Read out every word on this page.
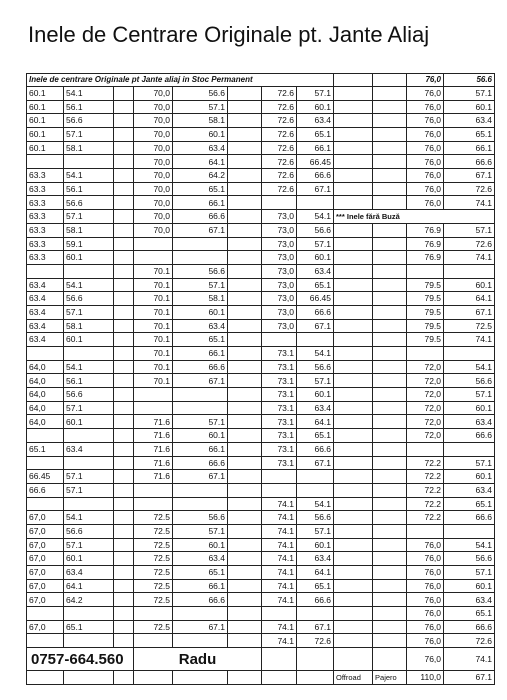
Inele de Centrare Originale pt. Jante Aliaj
Inele de centrare Originale pt Jante aliaj in Stoc Permanent										76,0	56.6
60.1	54.1		70,0	56.6		72.6	57.1			76,0	57.1
60.1	56.1		70,0	57.1		72.6	60.1			76,0	60.1
60.1	56.6		70,0	58.1		72.6	63.4			76,0	63.4
60.1	57.1		70,0	60.1		72.6	65.1			76,0	65.1
60.1	58.1		70,0	63.4		72.6	66.1			76,0	66.1
			70,0	64.1		72.6	66.45			76,0	66.6
63.3	54.1		70,0	64.2		72.6	66.6			76,0	67.1
63.3	56.1		70,0	65.1		72.6	67.1			76,0	72.6
63.3	56.6		70,0	66.1						76,0	74.1
63.3	57.1		70,0	66.6		73,0	54.1	*** Inele fără Buză			
63.3	58.1		70,0	67.1		73,0	56.6			76.9	57.1
63.3	59.1					73,0	57.1			76.9	72.6
63.3	60.1					73,0	60.1			76.9	74.1
			70.1	56.6		73,0	63.4				
63.4	54.1		70.1	57.1		73,0	65.1			79.5	60.1
63.4	56.6		70.1	58.1		73,0	66.45			79.5	64.1
63.4	57.1		70.1	60.1		73,0	66.6			79.5	67.1
63.4	58.1		70.1	63.4		73,0	67.1			79.5	72.5
63.4	60.1		70.1	65.1						79.5	74.1
			70.1	66.1		73.1	54.1				
64,0	54.1		70.1	66.6		73.1	56.6			72,0	54.1
64,0	56.1		70.1	67.1		73.1	57.1			72,0	56.6
64,0	56.6					73.1	60.1			72,0	57.1
64,0	57.1					73.1	63.4			72,0	60.1
64,0	60.1		71.6	57.1		73.1	64.1			72,0	63.4
			71.6	60.1		73.1	65.1			72,0	66.6
65.1	63.4		71.6	66.1		73.1	66.6				
			71.6	66.6		73.1	67.1			72.2	57.1
66.45	57.1		71.6	67.1						72.2	60.1
66.6	57.1									72.2	63.4
						74.1	54.1			72.2	65.1
67,0	54.1		72.5	56.6		74.1	56.6			72.2	66.6
67,0	56.6		72.5	57.1		74.1	57.1				
67,0	57.1		72.5	60.1		74.1	60.1			76,0	54.1
67,0	60.1		72.5	63.4		74.1	63.4			76,0	56.6
67,0	63.4		72.5	65.1		74.1	64.1			76,0	57.1
67,0	64.1		72.5	66.1		74.1	65.1			76,0	60.1
67,0	64.2		72.5	66.6		74.1	66.6			76,0	63.4
										76,0	65.1
67,0	65.1		72.5	67.1		74.1	67.1			76,0	66.6
						74.1	72.6			76,0	72.6
0757-664.560			Radu							76,0	74.1
								Offroad	Pajero	110,0	67.1
